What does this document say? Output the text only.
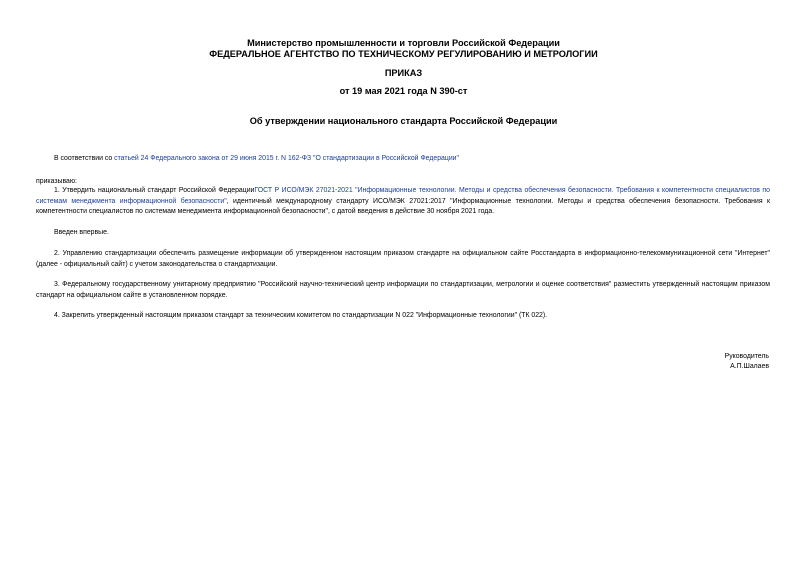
Министерство промышленности и торговли Российской Федерации
ФЕДЕРАЛЬНОЕ АГЕНТСТВО ПО ТЕХНИЧЕСКОМУ РЕГУЛИРОВАНИЮ И МЕТРОЛОГИИ
ПРИКАЗ
от 19 мая 2021 года N 390-ст
Об утверждении национального стандарта Российской Федерации
В соответствии со статьей 24 Федерального закона от 29 июня 2015 г. N 162-ФЗ "О стандартизации в Российской Федерации"
приказываю:
1. Утвердить национальный стандарт Российской ФедерацииГОСТ Р ИСО/МЭК 27021-2021 "Информационные технологии. Методы и средства обеспечения безопасности. Требования к компетентности специалистов по системам менеджмента информационной безопасности", идентичный международному стандарту ИСО/МЭК 27021:2017 "Информационные технологии. Методы и средства обеспечения безопасности. Требования к компетентности специалистов по системам менеджмента информационной безопасности", с датой введения в действие 30 ноября 2021 года.
Введен впервые.
2. Управлению стандартизации обеспечить размещение информации об утвержденном настоящим приказом стандарте на официальном сайте Росстандарта в информационно-телекоммуникационной сети "Интернет" (далее - официальный сайт) с учетом законодательства о стандартизации.
3. Федеральному государственному унитарному предприятию "Российский научно-технический центр информации по стандартизации, метрологии и оценке соответствия" разместить утвержденный настоящим приказом стандарт на официальном сайте в установленном порядке.
4. Закрепить утвержденный настоящим приказом стандарт за техническим комитетом по стандартизации N 022 "Информационные технологии" (ТК 022).
Руководитель
А.П.Шалаев
